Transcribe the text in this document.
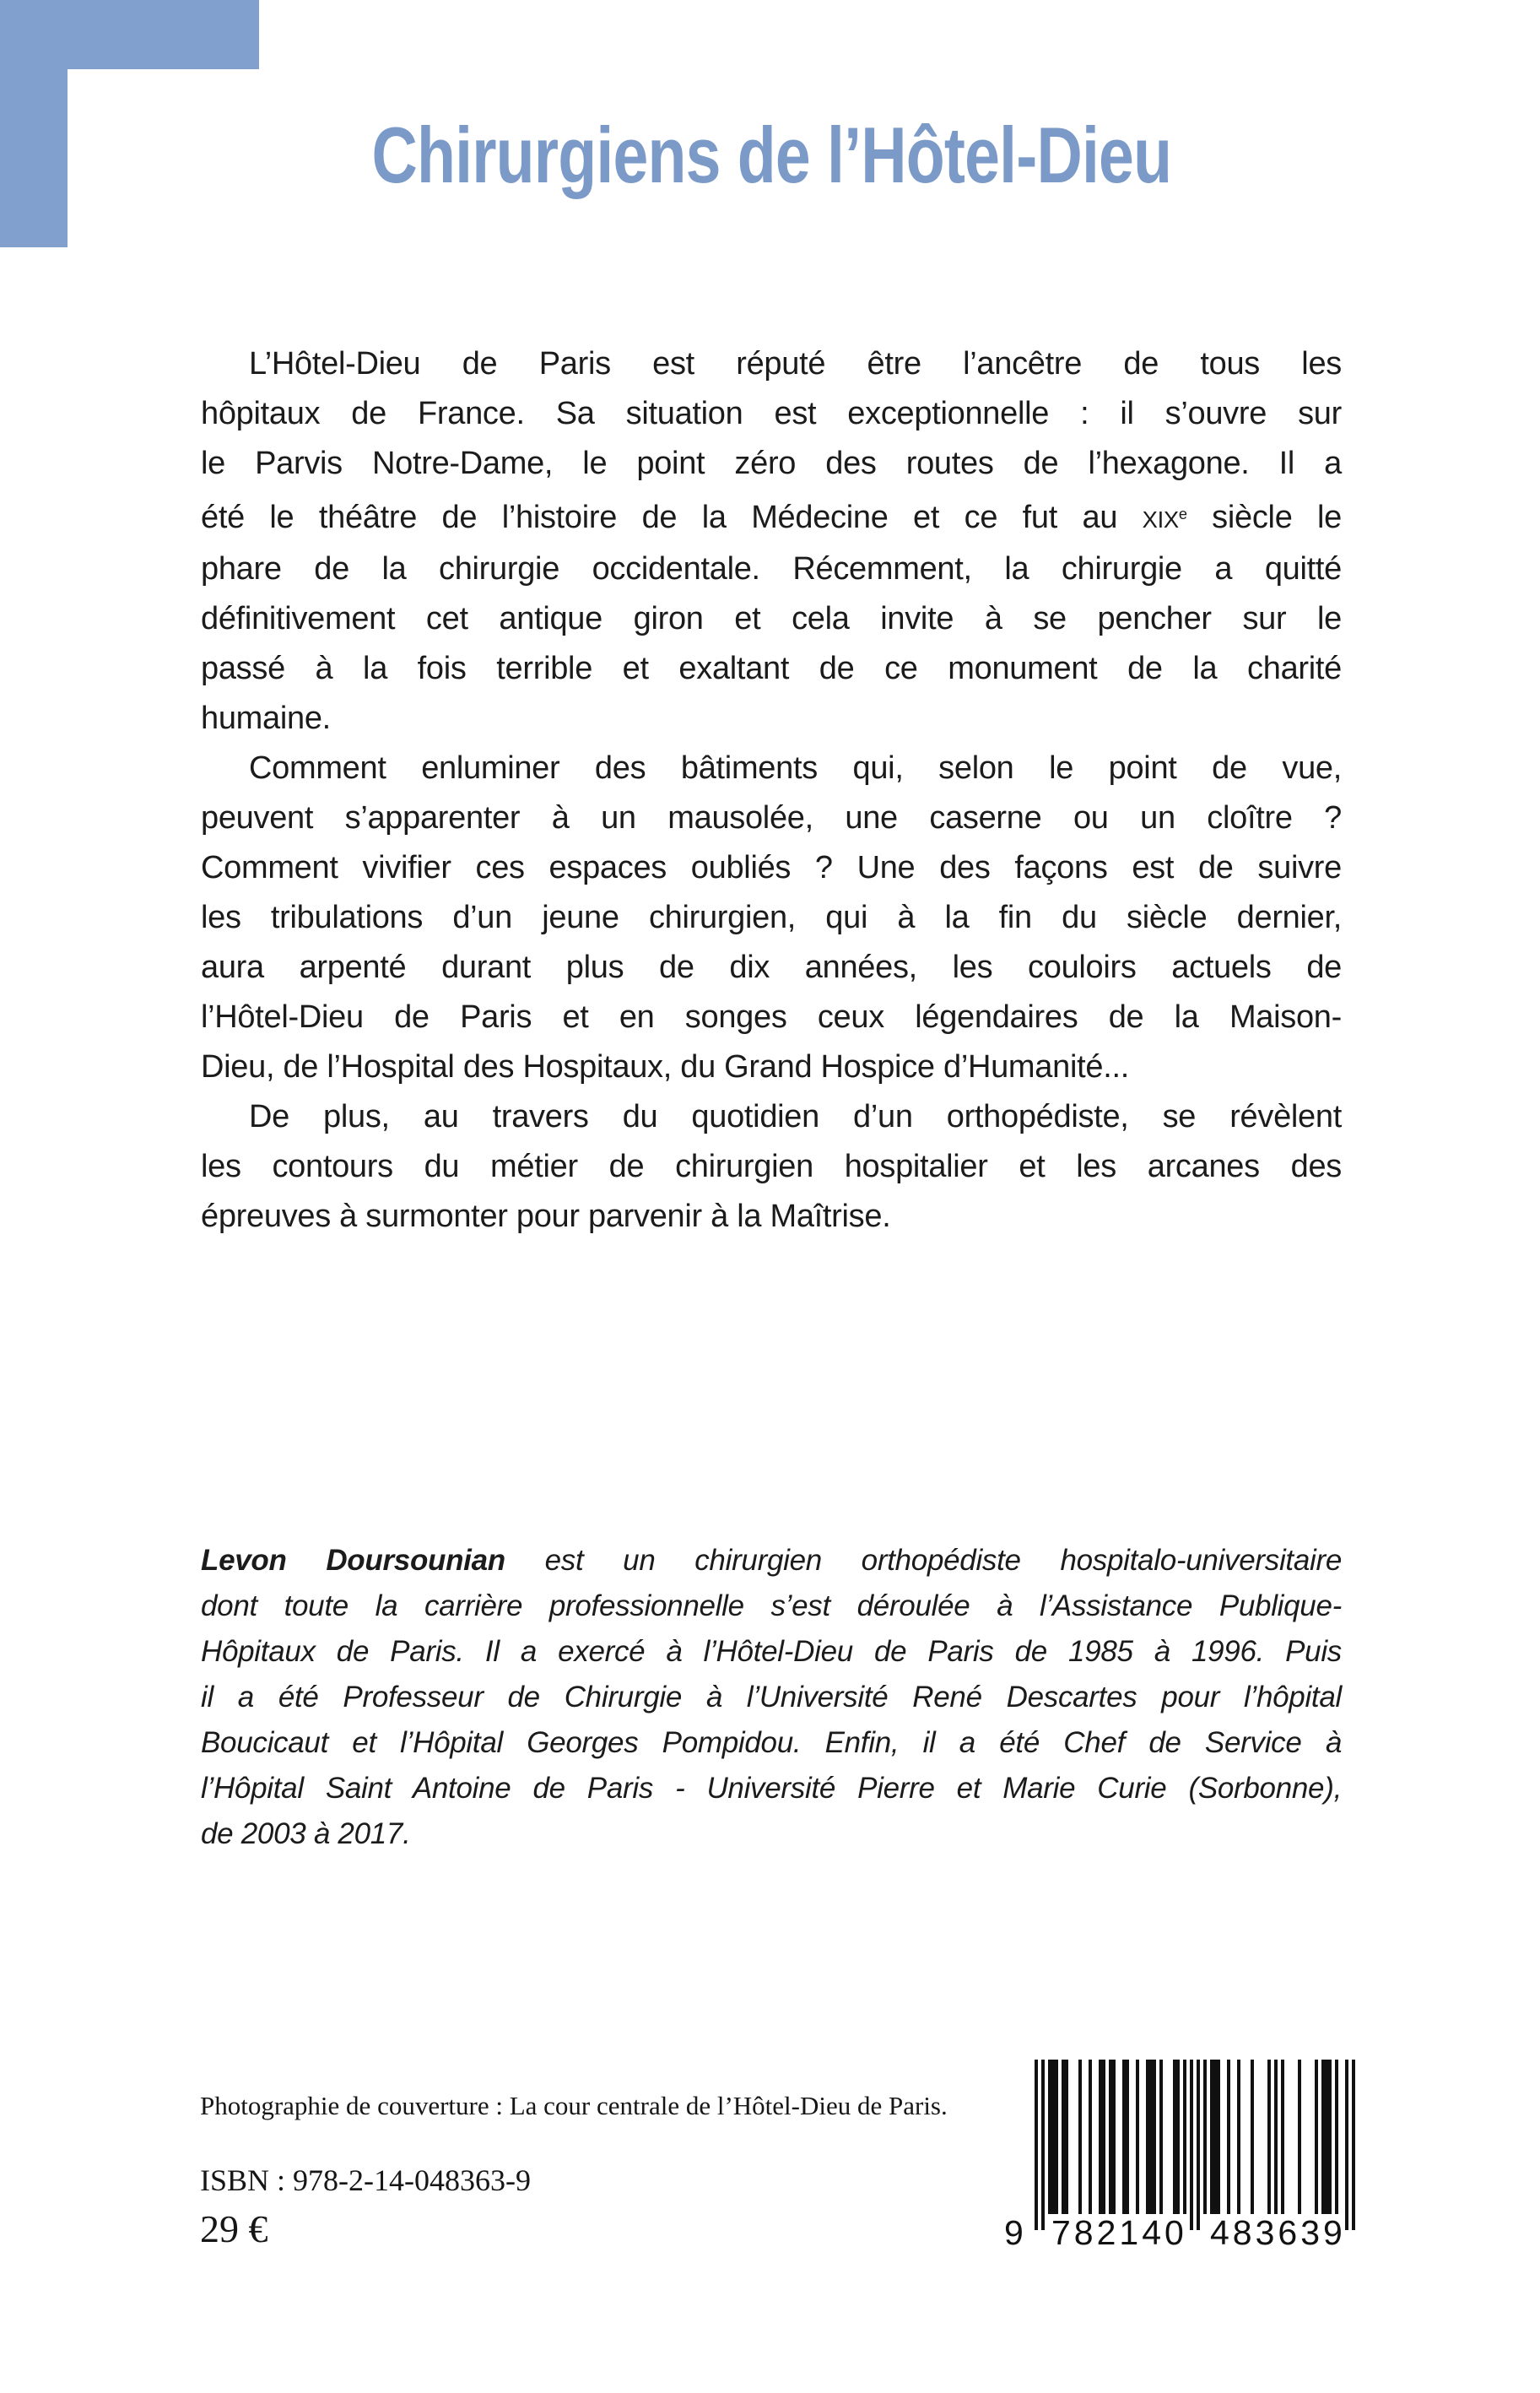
Chirurgiens de l’Hôtel-Dieu
L’Hôtel-Dieu de Paris est réputé être l’ancêtre de tous les
hôpitaux de France. Sa situation est exceptionnelle : il s’ouvre sur
le Parvis Notre-Dame, le point zéro des routes de l’hexagone. Il a
été le théâtre de l’histoire de la Médecine et ce fut au XIXe siècle le
phare de la chirurgie occidentale. Récemment, la chirurgie a quitté
définitivement cet antique giron et cela invite à se pencher sur le
passé à la fois terrible et exaltant de ce monument de la charité
humaine.
Comment enluminer des bâtiments qui, selon le point de vue,
peuvent s’apparenter à un mausolée, une caserne ou un cloître ?
Comment vivifier ces espaces oubliés ? Une des façons est de suivre
les tribulations d’un jeune chirurgien, qui à la fin du siècle dernier,
aura arpenté durant plus de dix années, les couloirs actuels de
l’Hôtel-Dieu de Paris et en songes ceux légendaires de la Maison-
Dieu, de l’Hospital des Hospitaux, du Grand Hospice d’Humanité...
De plus, au travers du quotidien d’un orthopédiste, se révèlent
les contours du métier de chirurgien hospitalier et les arcanes des
épreuves à surmonter pour parvenir à la Maîtrise.
Levon Doursounian est un chirurgien orthopédiste hospitalo-universitaire
dont toute la carrière professionnelle s’est déroulée à l’Assistance Publique-
Hôpitaux de Paris. Il a exercé à l’Hôtel-Dieu de Paris de 1985 à 1996. Puis
il a été Professeur de Chirurgie à l’Université René Descartes pour l’hôpital
Boucicaut et l’Hôpital Georges Pompidou. Enfin, il a été Chef de Service à
l’Hôpital Saint Antoine de Paris - Université Pierre et Marie Curie (Sorbonne),
de 2003 à 2017.
Photographie de couverture : La cour centrale de l’Hôtel-Dieu de Paris.
ISBN : 978-2-14-048363-9
29 €	9 782140 483639
